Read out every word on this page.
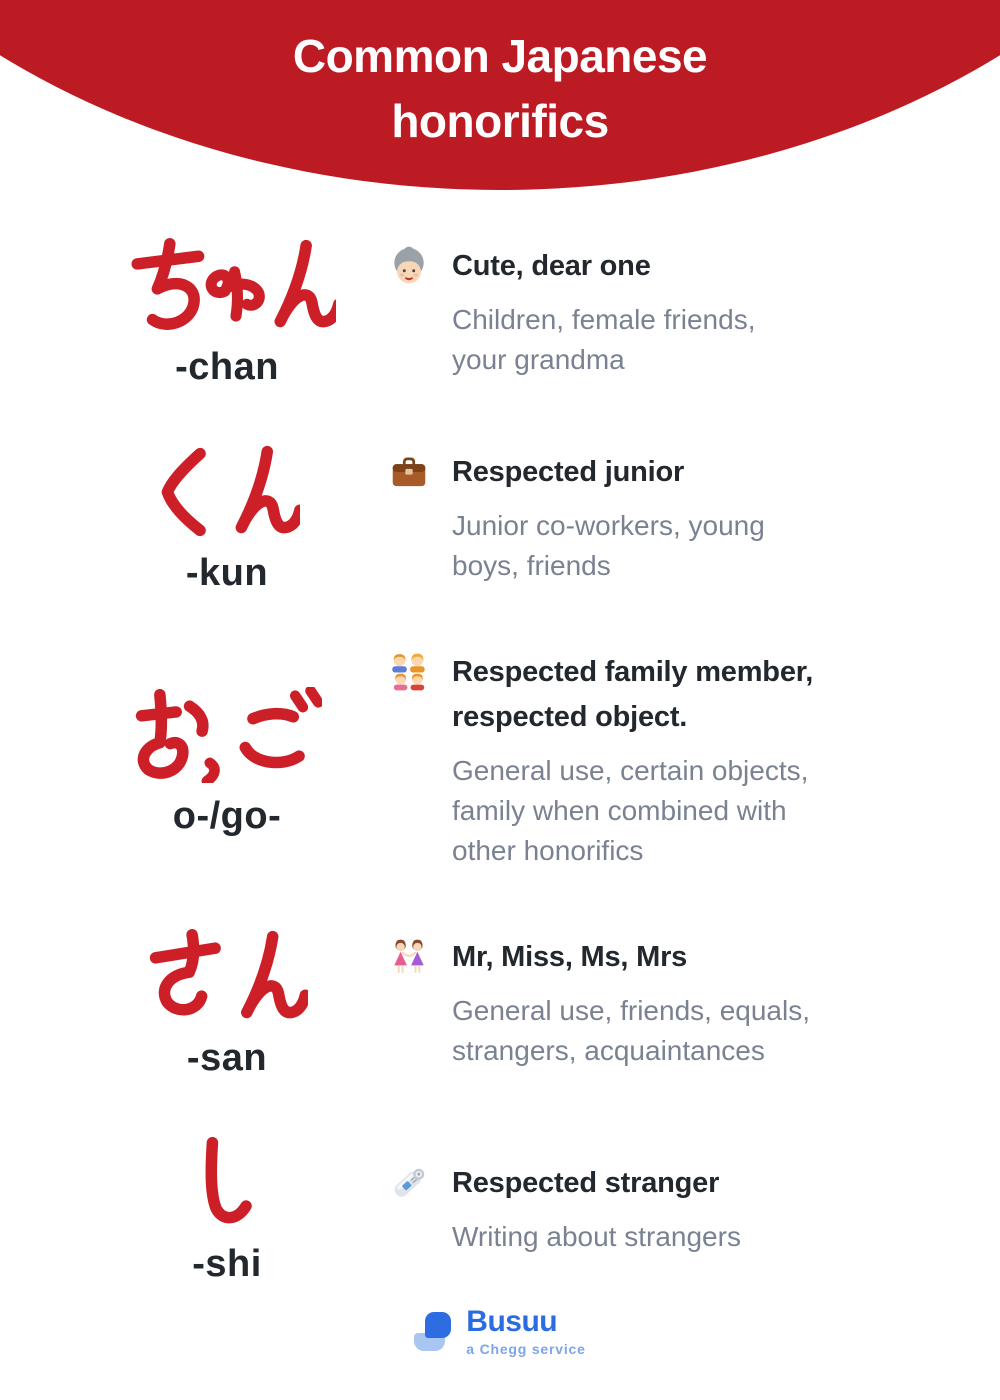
Common Japanese
honorifics
-chan
Cute, dear one
Children, female friends,
your grandma
-kun
Respected junior
Junior co-workers, young
boys, friends
o-/go-
Respected family member,
respected object.
General use, certain objects,
family when combined with
other honorifics
-san
Mr, Miss, Ms, Mrs
General use, friends, equals,
strangers, acquaintances
-shi
Respected stranger
Writing about strangers
Busuu
a Chegg service
